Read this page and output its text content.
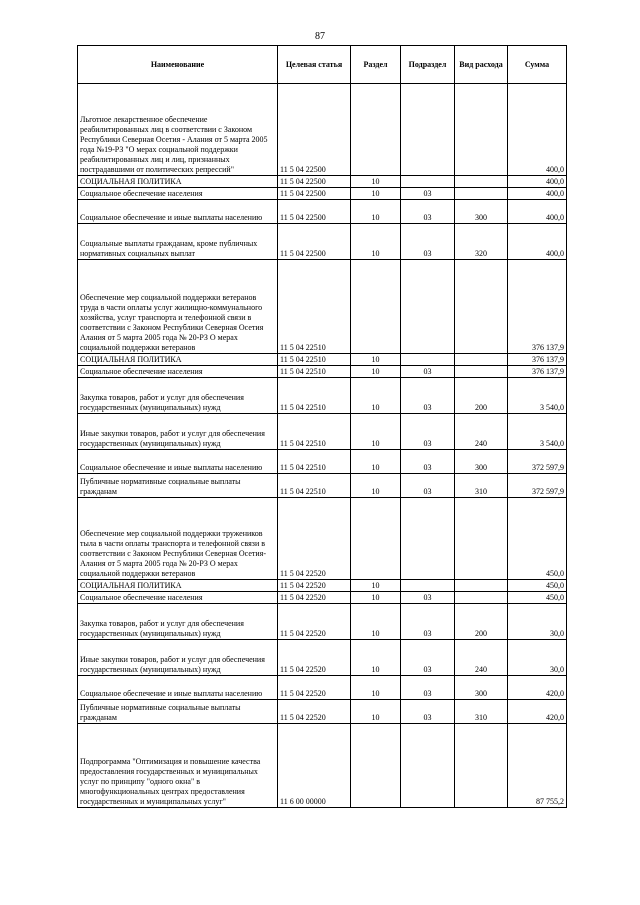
87
Наименование	Целевая статья	Раздел	Подраздел	Вид расхода	Сумма
Льготное лекарственное обеспечение реабилитированных лиц в соответствии с Законом Республики Северная Осетия - Алания от 5 марта 2005 года №19-РЗ "О мерах социальной поддержки реабилитированных лиц и лиц, признанных пострадавшими от политических репрессий"	11 5 04 22500				400,0
СОЦИАЛЬНАЯ ПОЛИТИКА	11 5 04 22500	10			400,0
Социальное обеспечение населения	11 5 04 22500	10	03		400,0
Социальное обеспечение и иные выплаты населению	11 5 04 22500	10	03	300	400,0
Социальные выплаты гражданам, кроме публичных нормативных социальных выплат	11 5 04 22500	10	03	320	400,0
Обеспечение мер социальной поддержки ветеранов труда в части оплаты услуг жилищно-коммунального хозяйства, услуг транспорта и телефонной связи в соответствии с Законом Республики Северная Осетия Алания от 5 марта 2005 года № 20-РЗ О мерах социальной поддержки ветеранов	11 5 04 22510				376 137,9
СОЦИАЛЬНАЯ ПОЛИТИКА	11 5 04 22510	10			376 137,9
Социальное обеспечение населения	11 5 04 22510	10	03		376 137,9
Закупка товаров, работ и услуг для обеспечения государственных (муниципальных) нужд	11 5 04 22510	10	03	200	3 540,0
Иные закупки товаров, работ и услуг для обеспечения государственных (муниципальных) нужд	11 5 04 22510	10	03	240	3 540,0
Социальное обеспечение и иные выплаты населению	11 5 04 22510	10	03	300	372 597,9
Публичные нормативные социальные выплаты гражданам	11 5 04 22510	10	03	310	372 597,9
Обеспечение мер социальной поддержки тружеников тыла в части оплаты транспорта и телефонной связи в соответствии с Законом Республики Северная Осетия-Алания от 5 марта 2005 года № 20-РЗ О мерах социальной поддержки ветеранов	11 5 04 22520				450,0
СОЦИАЛЬНАЯ ПОЛИТИКА	11 5 04 22520	10			450,0
Социальное обеспечение населения	11 5 04 22520	10	03		450,0
Закупка товаров, работ и услуг для обеспечения государственных (муниципальных) нужд	11 5 04 22520	10	03	200	30,0
Иные закупки товаров, работ и услуг для обеспечения государственных (муниципальных) нужд	11 5 04 22520	10	03	240	30,0
Социальное обеспечение и иные выплаты населению	11 5 04 22520	10	03	300	420,0
Публичные нормативные социальные выплаты гражданам	11 5 04 22520	10	03	310	420,0
Подпрограмма "Оптимизация и повышение качества предоставления государственных и муниципальных услуг по принципу "одного окна" в многофункциональных центрах предоставления государственных и муниципальных услуг"	11 6 00 00000				87 755,2
